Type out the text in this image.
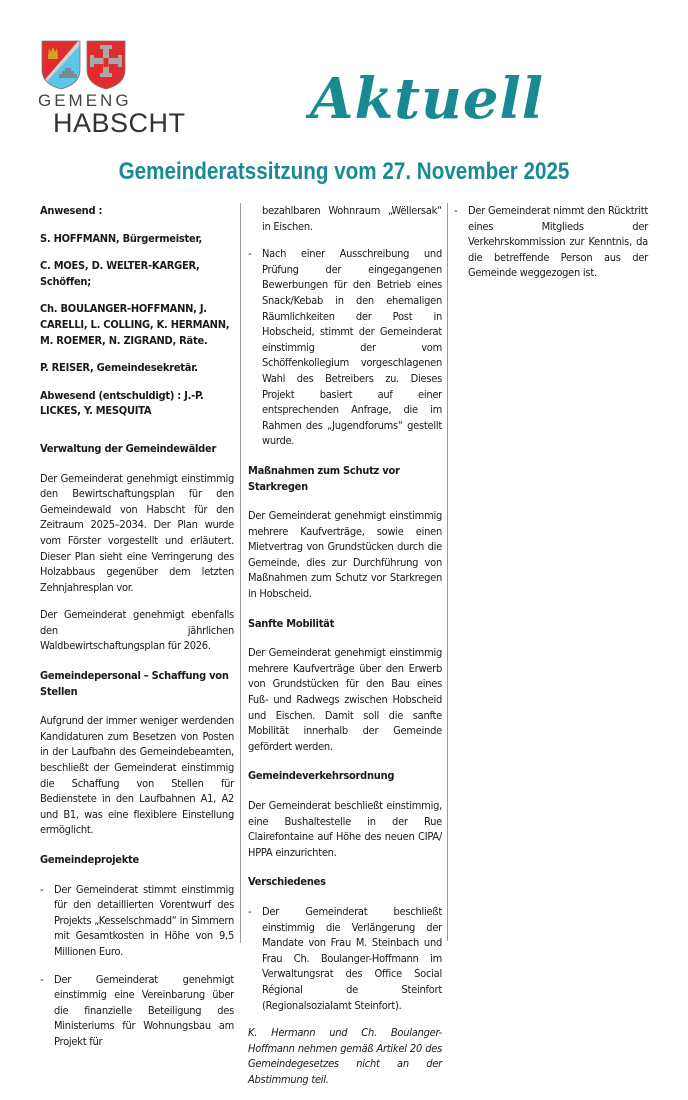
GEMENG
HABSCHT Aktuell
Gemeinderatssitzung vom 27. November 2025

Anwesend :

S. HOFFMANN, Bürgermeister,

C. MOES, D. WELTER-KARGER, Schöffen;

Ch. BOULANGER-HOFFMANN, J. CARELLI, L. COLLING, K. HERMANN, M. ROEMER, N. ZIGRAND, Räte.

P. REISER, Gemeindesekretär.

Abwesend (entschuldigt) : J.-P. LICKES, Y. MESQUITA

Verwaltung der Gemeindewälder

Der Gemeinderat genehmigt einstimmig den Bewirtschaftungsplan für den Gemeindewald von Habscht für den Zeitraum 2025–2034. Der Plan wurde vom Förster vorgestellt und erläutert. Dieser Plan sieht eine Verringerung des Holzabbaus gegenüber dem letzten Zehnjahresplan vor.

Der Gemeinderat genehmigt ebenfalls den jährlichen Waldbewirtschaftungsplan für 2026.

Gemeindepersonal – Schaffung von Stellen

Aufgrund der immer weniger werdenden Kandidaturen zum Besetzen von Posten in der Laufbahn des Gemeindebeamten, beschließt der Gemeinderat einstimmig die Schaffung von Stellen für Bedienstete in den Laufbahnen A1, A2 und B1, was eine flexiblere Einstellung ermöglicht.

Gemeindeprojekte
- Der Gemeinderat stimmt einstimmig für den detaillierten Vorentwurf des Projekts „Kesselschmadd“ in Simmern mit Gesamtkosten in Höhe von 9,5 Millionen Euro.
- Der Gemeinderat genehmigt einstimmig eine Vereinbarung über die finanzielle Beteiligung des Ministeriums für Wohnungsbau am Projekt für
bezahlbaren Wohnraum „Wëllersak“ in Eischen.
- Nach einer Ausschreibung und Prüfung der eingegangenen Bewerbungen für den Betrieb eines Snack/Kebab in den ehemaligen Räumlichkeiten der Post in Hobscheid, stimmt der Gemeinderat einstimmig der vom Schöffenkollegium vorgeschlagenen Wahl des Betreibers zu. Dieses Projekt basiert auf einer entsprechenden Anfrage, die im Rahmen des „Jugendforums“ gestellt wurde.
Maßnahmen zum Schutz vor Starkregen

Der Gemeinderat genehmigt einstimmig mehrere Kaufverträge, sowie einen Mietvertrag von Grundstücken durch die Gemeinde, dies zur Durchführung von Maßnahmen zum Schutz vor Starkregen in Hobscheid.

Sanfte Mobilität

Der Gemeinderat genehmigt einstimmig mehrere Kaufverträge über den Erwerb von Grundstücken für den Bau eines Fuß- und Radwegs zwischen Hobscheid und Eischen. Damit soll die sanfte Mobilität innerhalb der Gemeinde gefördert werden.

Gemeindeverkehrsordnung

Der Gemeinderat beschließt einstimmig, eine Bushaltestelle in der Rue Clairefontaine auf Höhe des neuen CIPA/ HPPA einzurichten.

Verschiedenes
- Der Gemeinderat beschließt einstimmig die Verlängerung der Mandate von Frau M. Steinbach und Frau Ch. Boulanger-Hoffmann im Verwaltungsrat des Office Social Régional de Steinfort (Regionalsozialamt Steinfort).

K. Hermann und Ch. Boulanger-Hoffmann nehmen gemäß Artikel 20 des Gemeindegesetzes nicht an der Abstimmung teil.

- Der Gemeinderat nimmt den Rücktritt eines Mitglieds der Verkehrskommission zur Kenntnis, da die betreffende Person aus der Gemeinde weggezogen ist.
